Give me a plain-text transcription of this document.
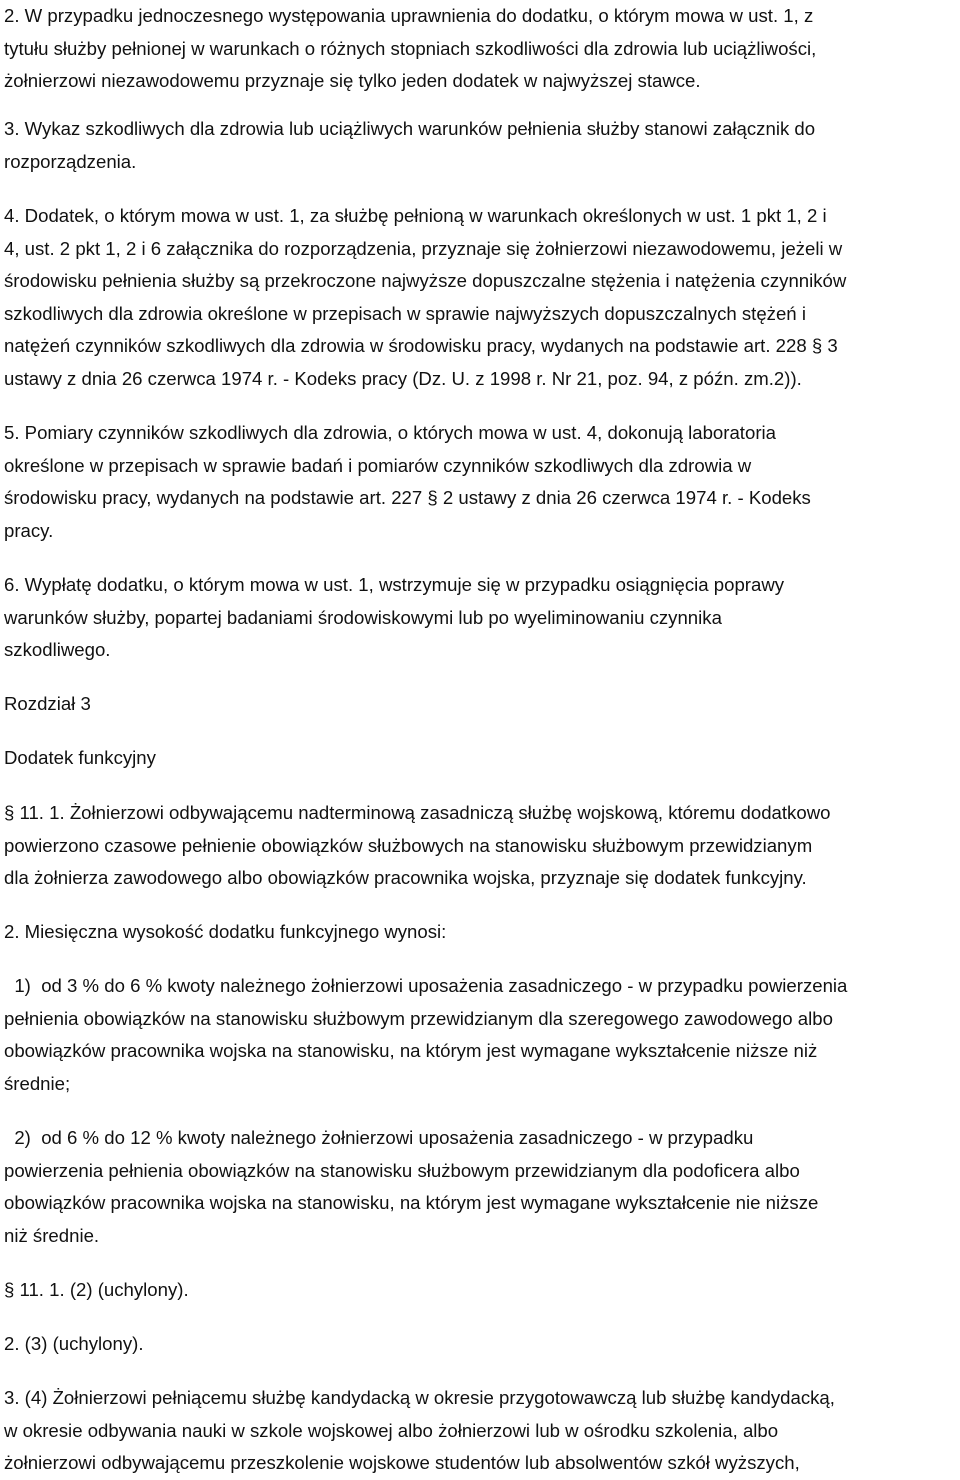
2. W przypadku jednoczesnego występowania uprawnienia do dodatku, o którym mowa w ust. 1, z
tytułu służby pełnionej w warunkach o różnych stopniach szkodliwości dla zdrowia lub uciążliwości,
żołnierzowi niezawodowemu przyznaje się tylko jeden dodatek w najwyższej stawce.
3. Wykaz szkodliwych dla zdrowia lub uciążliwych warunków pełnienia służby stanowi załącznik do
rozporządzenia.
4. Dodatek, o którym mowa w ust. 1, za służbę pełnioną w warunkach określonych w ust. 1 pkt 1, 2 i
4, ust. 2 pkt 1, 2 i 6 załącznika do rozporządzenia, przyznaje się żołnierzowi niezawodowemu, jeżeli w
środowisku pełnienia służby są przekroczone najwyższe dopuszczalne stężenia i natężenia czynników
szkodliwych dla zdrowia określone w przepisach w sprawie najwyższych dopuszczalnych stężeń i
natężeń czynników szkodliwych dla zdrowia w środowisku pracy, wydanych na podstawie art. 228 § 3
ustawy z dnia 26 czerwca 1974 r. - Kodeks pracy (Dz. U. z 1998 r. Nr 21, poz. 94, z późn. zm.2)).
5. Pomiary czynników szkodliwych dla zdrowia, o których mowa w ust. 4, dokonują laboratoria
określone w przepisach w sprawie badań i pomiarów czynników szkodliwych dla zdrowia w
środowisku pracy, wydanych na podstawie art. 227 § 2 ustawy z dnia 26 czerwca 1974 r. - Kodeks
pracy.
6. Wypłatę dodatku, o którym mowa w ust. 1, wstrzymuje się w przypadku osiągnięcia poprawy
warunków służby, popartej badaniami środowiskowymi lub po wyeliminowaniu czynnika
szkodliwego.
Rozdział 3
Dodatek funkcyjny
§ 11. 1. Żołnierzowi odbywającemu nadterminową zasadniczą służbę wojskową, któremu dodatkowo
powierzono czasowe pełnienie obowiązków służbowych na stanowisku służbowym przewidzianym
dla żołnierza zawodowego albo obowiązków pracownika wojska, przyznaje się dodatek funkcyjny.
2. Miesięczna wysokość dodatku funkcyjnego wynosi:
1)  od 3 % do 6 % kwoty należnego żołnierzowi uposażenia zasadniczego - w przypadku powierzenia
pełnienia obowiązków na stanowisku służbowym przewidzianym dla szeregowego zawodowego albo
obowiązków pracownika wojska na stanowisku, na którym jest wymagane wykształcenie niższe niż
średnie;
2)  od 6 % do 12 % kwoty należnego żołnierzowi uposażenia zasadniczego - w przypadku
powierzenia pełnienia obowiązków na stanowisku służbowym przewidzianym dla podoficera albo
obowiązków pracownika wojska na stanowisku, na którym jest wymagane wykształcenie nie niższe
niż średnie.
§ 11. 1. (2) (uchylony).
2. (3) (uchylony).
3. (4) Żołnierzowi pełniącemu służbę kandydacką w okresie przygotowawczą lub służbę kandydacką,
w okresie odbywania nauki w szkole wojskowej albo żołnierzowi lub w ośrodku szkolenia, albo
żołnierzowi odbywającemu przeszkolenie wojskowe studentów lub absolwentów szkół wyższych,
